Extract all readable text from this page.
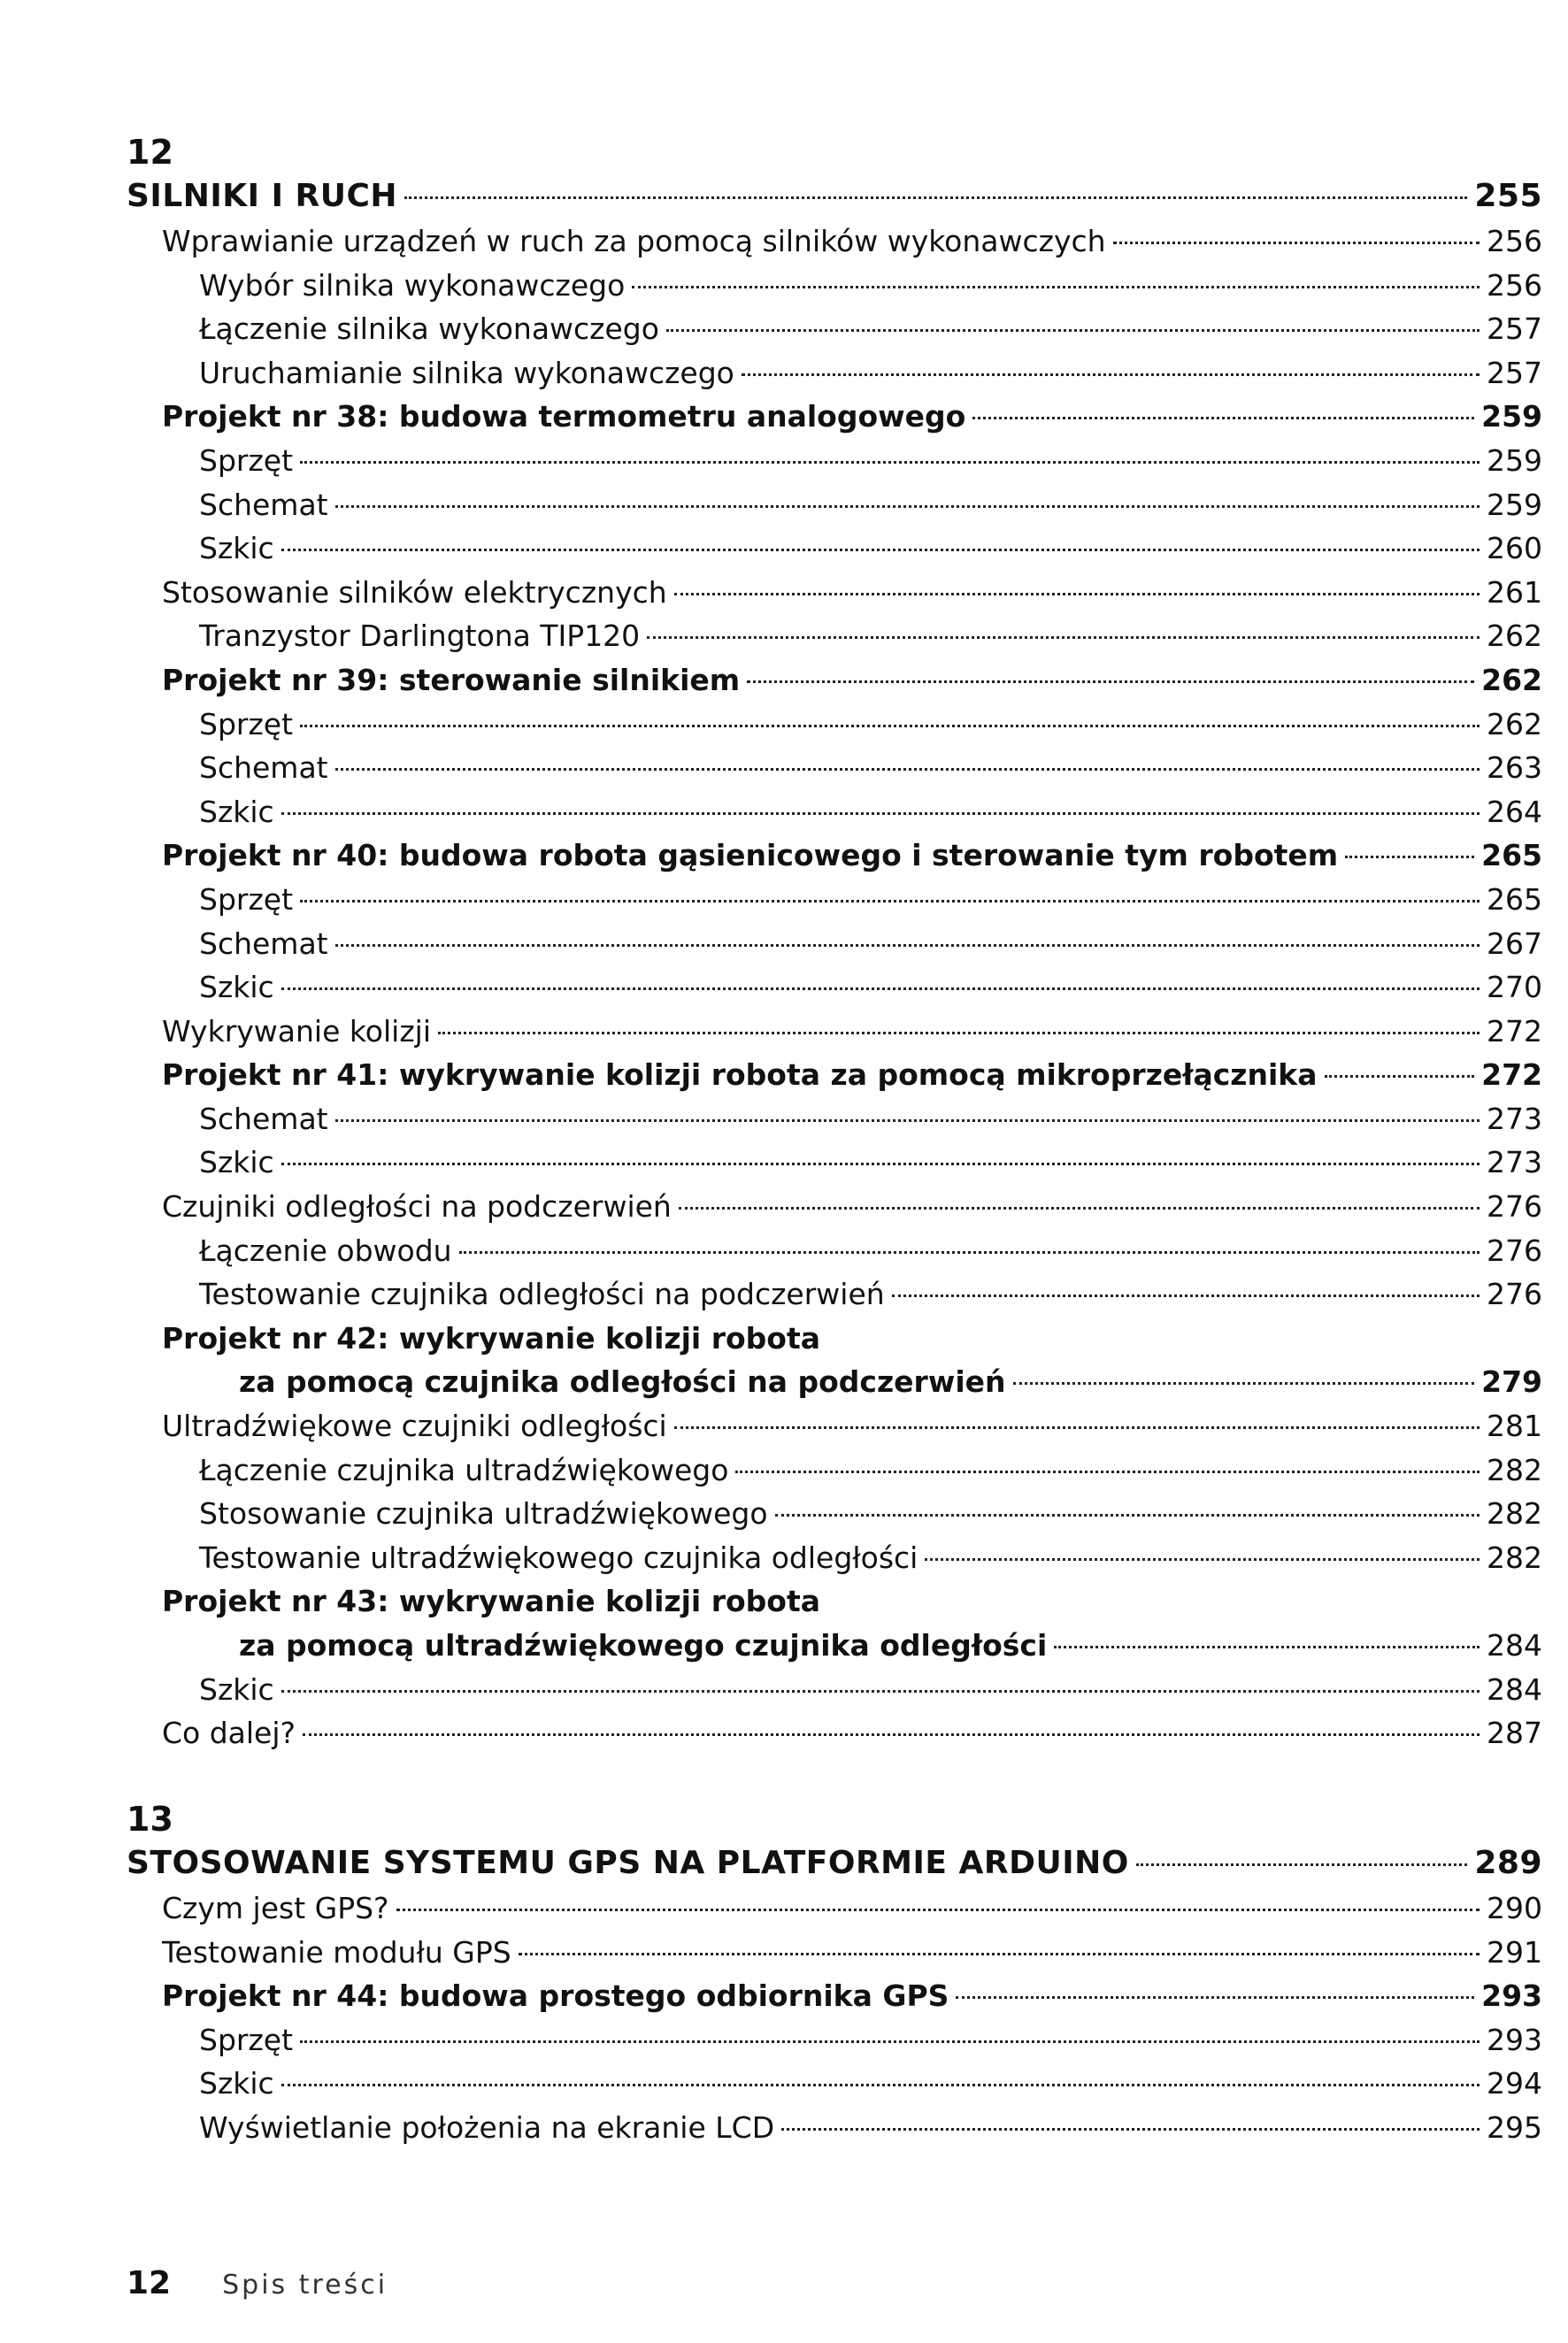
12
SILNIKI I RUCH	255
Wprawianie urządzeń w ruch za pomocą silników wykonawczych	256
Wybór silnika wykonawczego	256
Łączenie silnika wykonawczego	257
Uruchamianie silnika wykonawczego	257
Projekt nr 38: budowa termometru analogowego	259
Sprzęt	259
Schemat	259
Szkic	260
Stosowanie silników elektrycznych	261
Tranzystor Darlingtona TIP120	262
Projekt nr 39: sterowanie silnikiem	262
Sprzęt	262
Schemat	263
Szkic	264
Projekt nr 40: budowa robota gąsienicowego i sterowanie tym robotem	265
Sprzęt	265
Schemat	267
Szkic	270
Wykrywanie kolizji	272
Projekt nr 41: wykrywanie kolizji robota za pomocą mikroprzełącznika	272
Schemat	273
Szkic	273
Czujniki odległości na podczerwień	276
Łączenie obwodu	276
Testowanie czujnika odległości na podczerwień	276
Projekt nr 42: wykrywanie kolizji robota
za pomocą czujnika odległości na podczerwień	279
Ultradźwiękowe czujniki odległości	281
Łączenie czujnika ultradźwiękowego	282
Stosowanie czujnika ultradźwiękowego	282
Testowanie ultradźwiękowego czujnika odległości	282
Projekt nr 43: wykrywanie kolizji robota
za pomocą ultradźwiękowego czujnika odległości	284
Szkic	284
Co dalej?	287
13
STOSOWANIE SYSTEMU GPS NA PLATFORMIE ARDUINO	289
Czym jest GPS?	290
Testowanie modułu GPS	291
Projekt nr 44: budowa prostego odbiornika GPS	293
Sprzęt	293
Szkic	294
Wyświetlanie położenia na ekranie LCD	295
12 Spis treści
